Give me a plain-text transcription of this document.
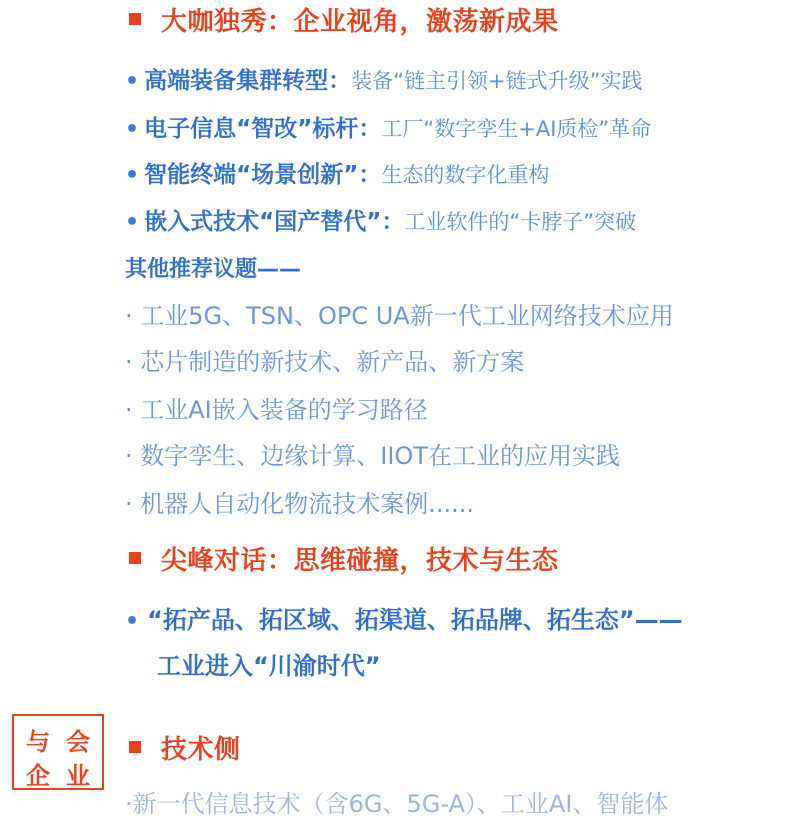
大咖独秀：企业视角，激荡新成果
• 高端装备集群转型：装备“链主引领+链式升级”实践
• 电子信息“智改”标杆：工厂“数字孪生+AI质检”革命
• 智能终端“场景创新”：生态的数字化重构
• 嵌入式技术“国产替代”：工业软件的“卡脖子”突破
其他推荐议题——
· 工业5G、TSN、OPC UA新一代工业网络技术应用
· 芯片制造的新技术、新产品、新方案
· 工业AI嵌入装备的学习路径
· 数字孪生、边缘计算、IIOT在工业的应用实践
· 机器人自动化物流技术案例......
尖峰对话：思维碰撞，技术与生态
• “拓产品、拓区域、拓渠道、拓品牌、拓生态”——
工业进入“川渝时代”
与 会
企 业
技术侧
·新一代信息技术（含6G、5G-A）、工业AI、智能体
